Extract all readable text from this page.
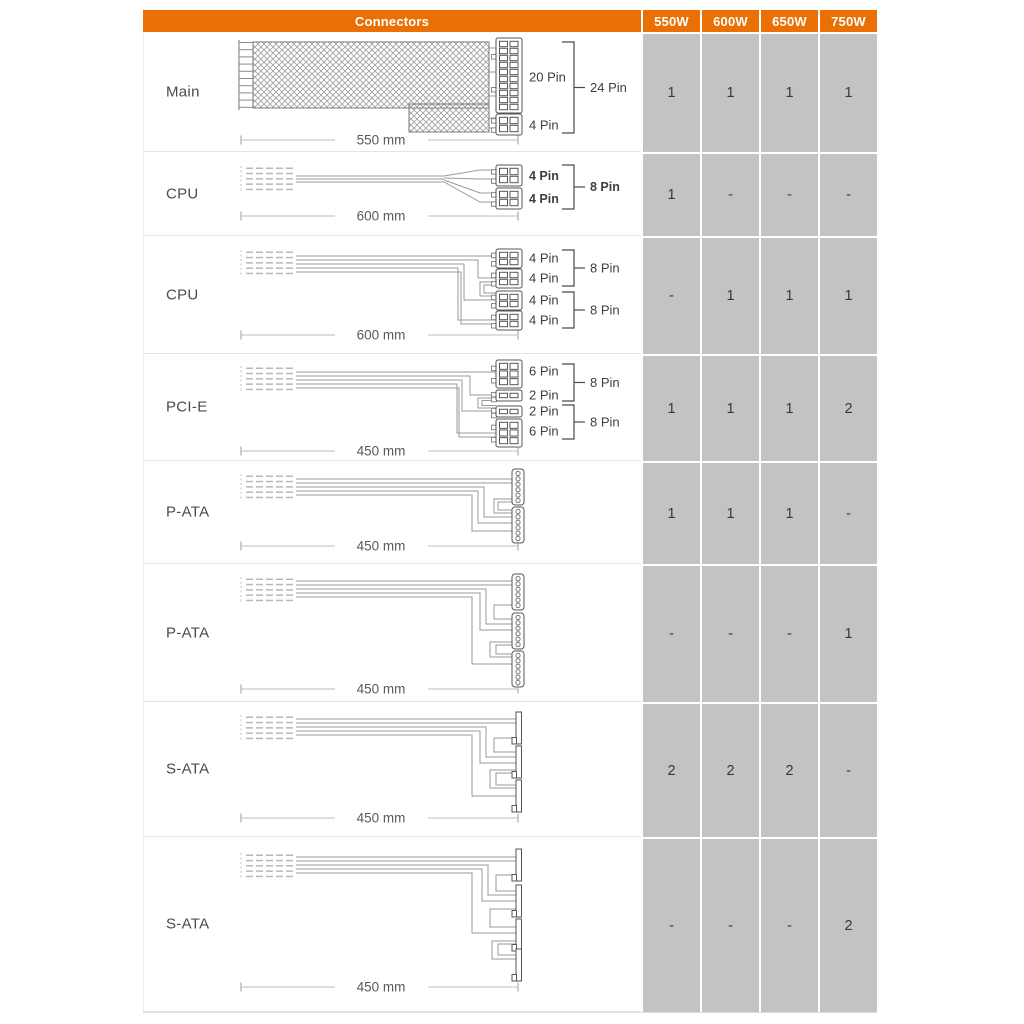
Connectors	550W	600W	650W	750W
Main
20 Pin
4 Pin
24 Pin
550 mm
1	1	1	1
CPU
4 Pin
4 Pin
8 Pin
600 mm
1	-	-	-
CPU
4 Pin
4 Pin
4 Pin
4 Pin
8 Pin
8 Pin
600 mm
-	1	1	1
PCI-E
6 Pin
2 Pin
2 Pin
6 Pin
8 Pin
8 Pin
450 mm
1	1	1	2
P-ATA
450 mm
1	1	1	-
P-ATA
450 mm
-	-	-	1
S-ATA
450 mm
2	2	2	-
S-ATA
450 mm
-	-	-	2
